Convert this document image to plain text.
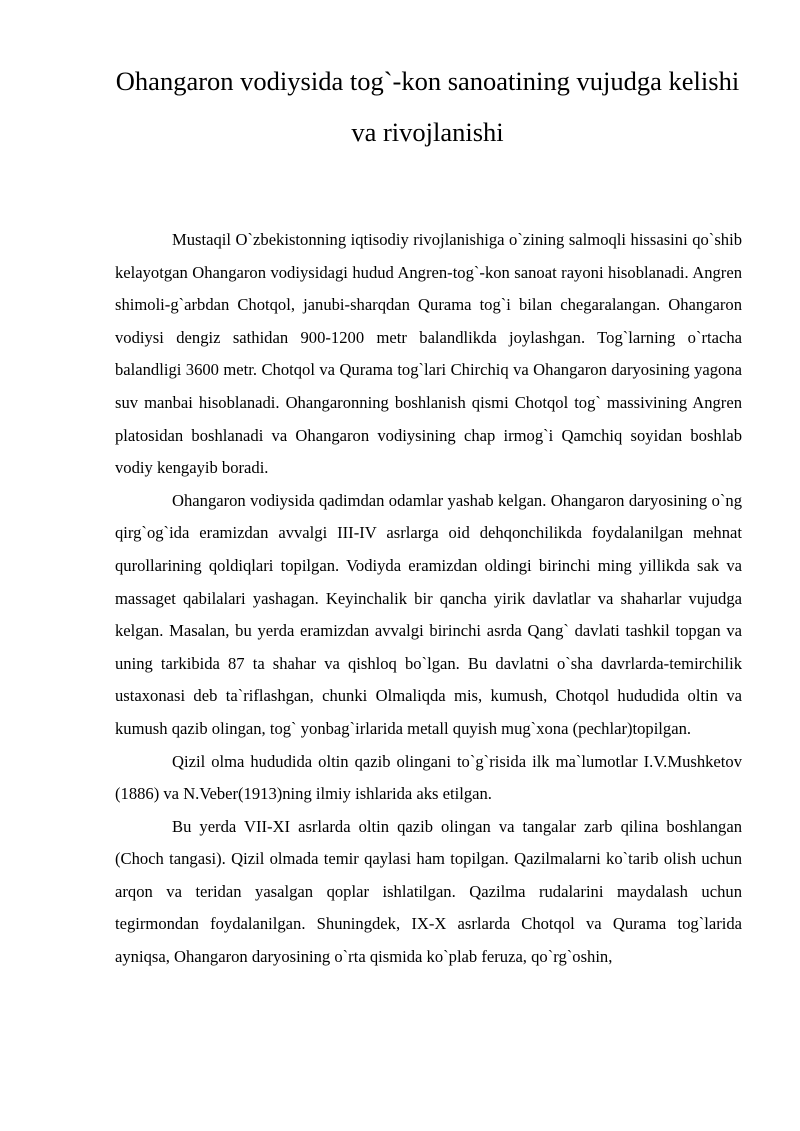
Ohangaron vodiysida tog`-kon sanoatining vujudga kelishi va rivojlanishi

Mustaqil O`zbekistonning iqtisodiy rivojlanishiga o`zining salmoqli hissasini qo`shib kelayotgan Ohangaron vodiysidagi hudud Angren-tog`-kon sanoat rayoni hisoblanadi. Angren shimoli-g`arbdan Chotqol, janubi-sharqdan Qurama tog`i bilan chegaralangan. Ohangaron vodiysi dengiz sathidan 900-1200 metr balandlikda joylashgan. Tog`larning o`rtacha balandligi 3600 metr. Chotqol va Qurama tog`lari Chirchiq va Ohangaron daryosining yagona suv manbai hisoblanadi. Ohangaronning boshlanish qismi Chotqol tog` massivining Angren platosidan boshlanadi va Ohangaron vodiysining chap irmog`i Qamchiq soyidan boshlab vodiy kengayib boradi.

Ohangaron vodiysida qadimdan odamlar yashab kelgan. Ohangaron daryosining o`ng qirg`og`ida eramizdan avvalgi III-IV asrlarga oid dehqonchilikda foydalanilgan mehnat qurollarining qoldiqlari topilgan. Vodiyda eramizdan oldingi birinchi ming yillikda sak va massaget qabilalari yashagan. Keyinchalik bir qancha yirik davlatlar va shaharlar vujudga kelgan. Masalan, bu yerda eramizdan avvalgi birinchi asrda Qang` davlati tashkil topgan va uning tarkibida 87 ta shahar va qishloq bo`lgan. Bu davlatni o`sha davrlarda-temirchilik ustaxonasi deb ta`riflashgan, chunki Olmaliqda mis, kumush, Chotqol hududida oltin va kumush qazib olingan, tog` yonbag`irlarida metall quyish mug`xona (pechlar)topilgan.

Qizil olma hududida oltin qazib olingani to`g`risida ilk ma`lumotlar I.V.Mushketov (1886) va N.Veber(1913)ning ilmiy ishlarida aks etilgan.

Bu yerda VII-XI asrlarda oltin qazib olingan va tangalar zarb qilina boshlangan (Choch tangasi). Qizil olmada temir qaylasi ham topilgan. Qazilmalarni ko`tarib olish uchun arqon va teridan yasalgan qoplar ishlatilgan. Qazilma rudalarini maydalash uchun tegirmondan foydalanilgan. Shuningdek, IX-X asrlarda Chotqol va Qurama tog`larida ayniqsa, Ohangaron daryosining o`rta qismida ko`plab feruza, qo`rg`oshin,
